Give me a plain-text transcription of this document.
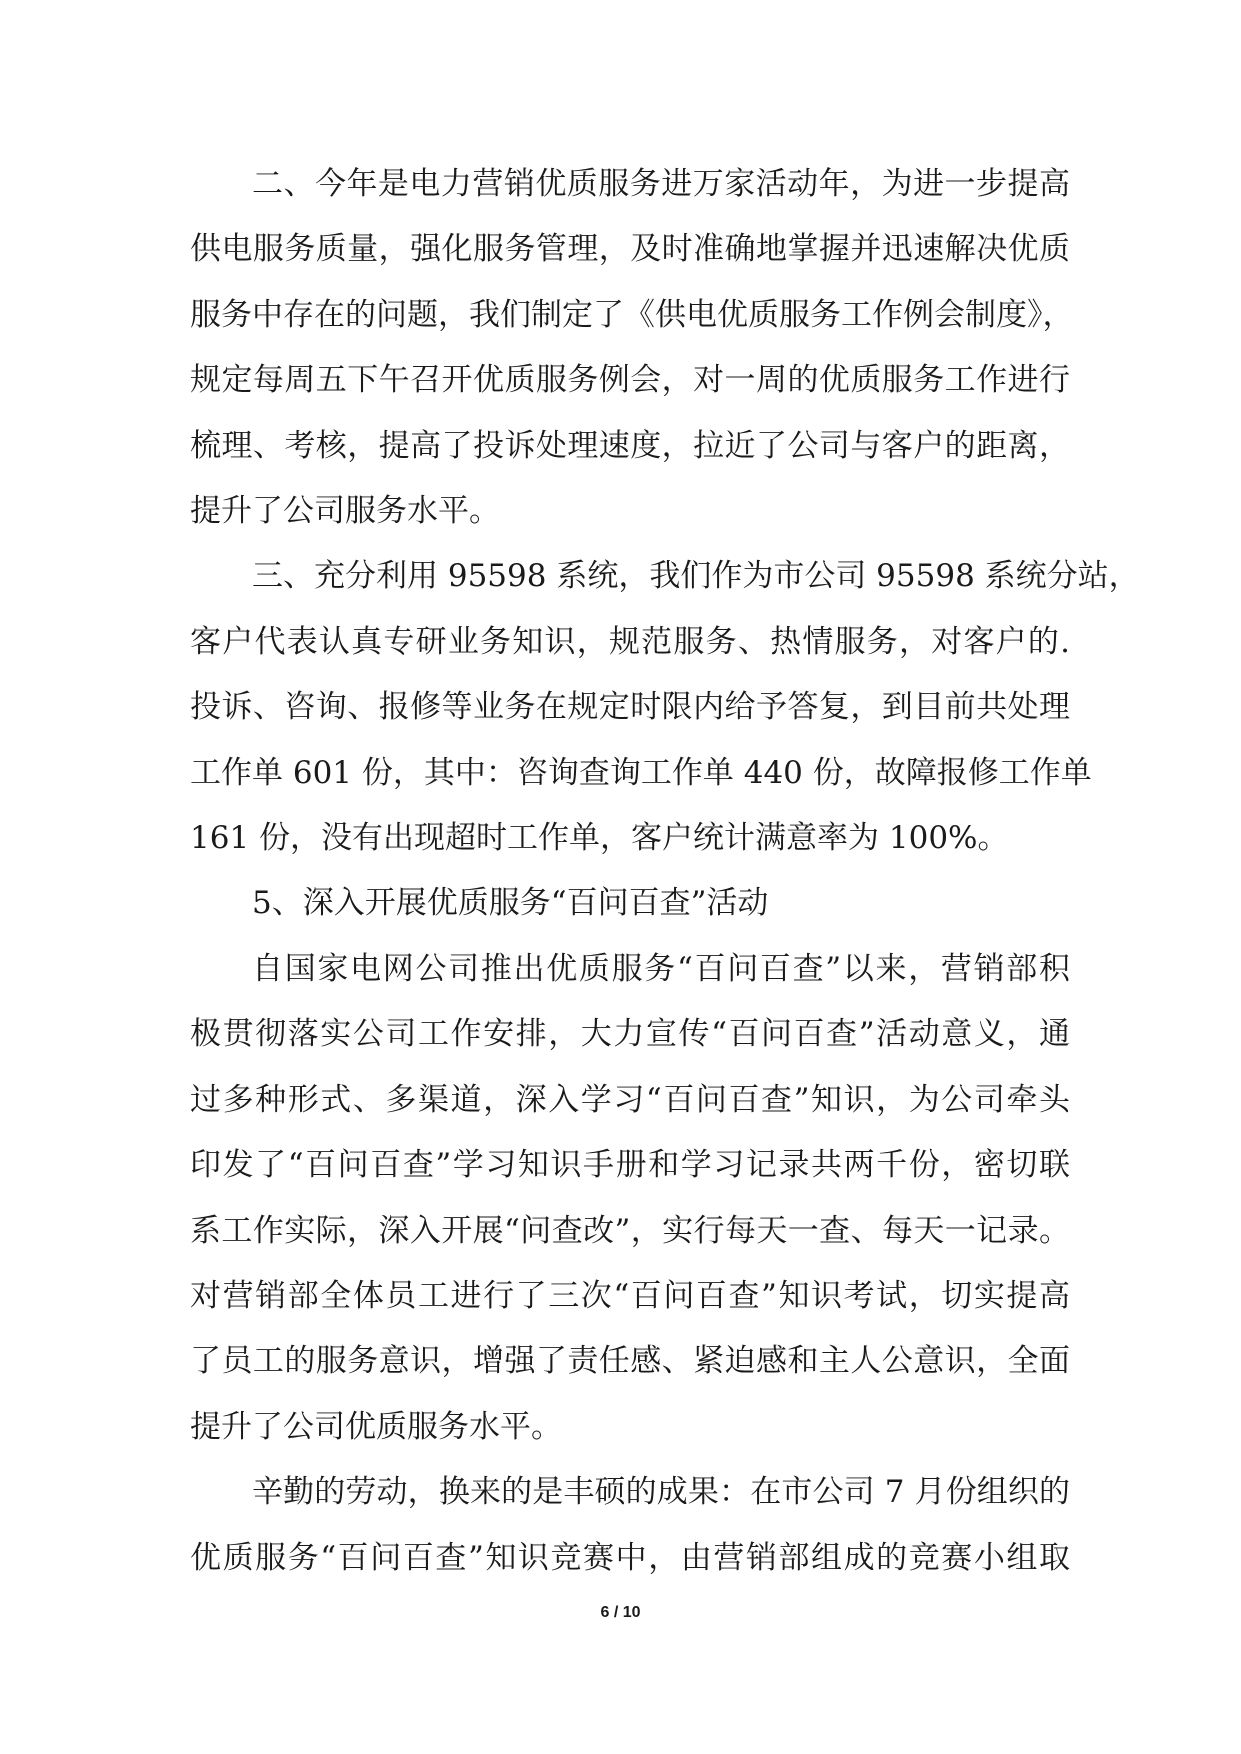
二、今年是电力营销优质服务进万家活动年，为进一步提高
供电服务质量，强化服务管理，及时准确地掌握并迅速解决优质
服务中存在的问题，我们制定了《供电优质服务工作例会制度》，
规定每周五下午召开优质服务例会，对一周的优质服务工作进行
梳理、考核，提高了投诉处理速度，拉近了公司与客户的距离，
提升了公司服务水平。

三、充分利用 95598 系统，我们作为市公司 95598 系统分站，
客户代表认真专研业务知识，规范服务、热情服务，对客户的.
投诉、咨询、报修等业务在规定时限内给予答复，到目前共处理
工作单 601 份，其中：咨询查询工作单 440 份，故障报修工作单
161 份，没有出现超时工作单，客户统计满意率为 100%。

5、深入开展优质服务“百问百查”活动

自国家电网公司推出优质服务“百问百查”以来，营销部积
极贯彻落实公司工作安排，大力宣传“百问百查”活动意义，通
过多种形式、多渠道，深入学习“百问百查”知识，为公司牵头
印发了“百问百查”学习知识手册和学习记录共两千份，密切联
系工作实际，深入开展“问查改”，实行每天一查、每天一记录。
对营销部全体员工进行了三次“百问百查”知识考试，切实提高
了员工的服务意识，增强了责任感、紧迫感和主人公意识，全面
提升了公司优质服务水平。

辛勤的劳动，换来的是丰硕的成果：在市公司 7 月份组织的
优质服务“百问百查”知识竞赛中，由营销部组成的竞赛小组取

6 / 10
